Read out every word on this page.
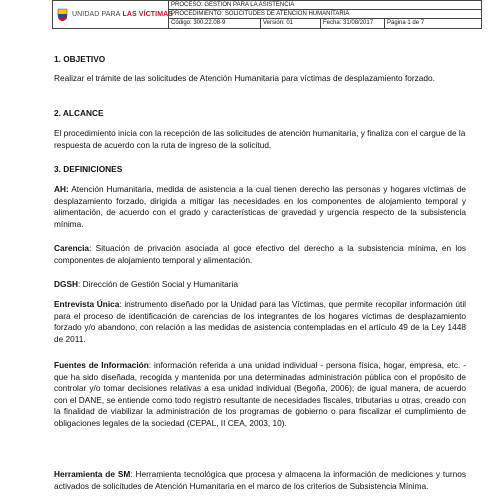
UNIDAD PARA LAS VÍCTIMAS
PROCESO: GESTIÓN PARA LA ASISTENCIA
PROCEDIMIENTO: SOLICITUDES DE ATENCIÓN HUMANITARIA
Código: 300.22.08-9	Versión: 01	Fecha: 31/08/2017	Página 1 de 7

1. OBJETIVO

Realizar el trámite de las solicitudes de Atención Humanitaria para víctimas de desplazamiento forzado.

2. ALCANCE

El procedimiento inicia con la recepción de las solicitudes de atención humanitaria, y finaliza con el cargue de la respuesta de acuerdo con la ruta de ingreso de la solicitud.

3. DEFINICIONES

AH: Atención Humanitaria, medida de asistencia a la cual tienen derecho las personas y hogares víctimas de desplazamiento forzado, dirigida a mitigar las necesidades en los componentes de alojamiento temporal y alimentación, de acuerdo con el grado y características de gravedad y urgencia respecto de la subsistencia mínima.

Carencia: Situación de privación asociada al goce efectivo del derecho a la subsistencia mínima, en los componentes de alojamiento temporal y alimentación.

DGSH: Dirección de Gestión Social y Humanitaria

Entrevista Única: instrumento diseñado por la Unidad para las Víctimas, que permite recopilar información útil para el proceso de identificación de carencias de los integrantes de los hogares víctimas de desplazamiento forzado y/o abandono, con relación a las medidas de asistencia contempladas en el artículo 49 de la Ley 1448 de 2011.

Fuentes de Información: información referida a una unidad individual - persona física, hogar, empresa, etc. - que ha sido diseñada, recogida y mantenida por una determinadas administración pública con el propósito de controlar y/o tomar decisiones relativas a esa unidad individual (Begoña, 2006); de igual manera, de acuerdo con el DANE, se entiende como todo registro resultante de necesidades fiscales, tributarias u otras, creado con la finalidad de viabilizar la administración de los programas de gobierno o para fiscalizar el cumplimiento de obligaciones legales de la sociedad (CEPAL, II CEA, 2003, 10).

Herramienta de SM: Herramienta tecnológica que procesa y almacena la información de mediciones y turnos activados de solicitudes de Atención Humanitaria en el marco de los criterios de Subsistencia Mínima.
